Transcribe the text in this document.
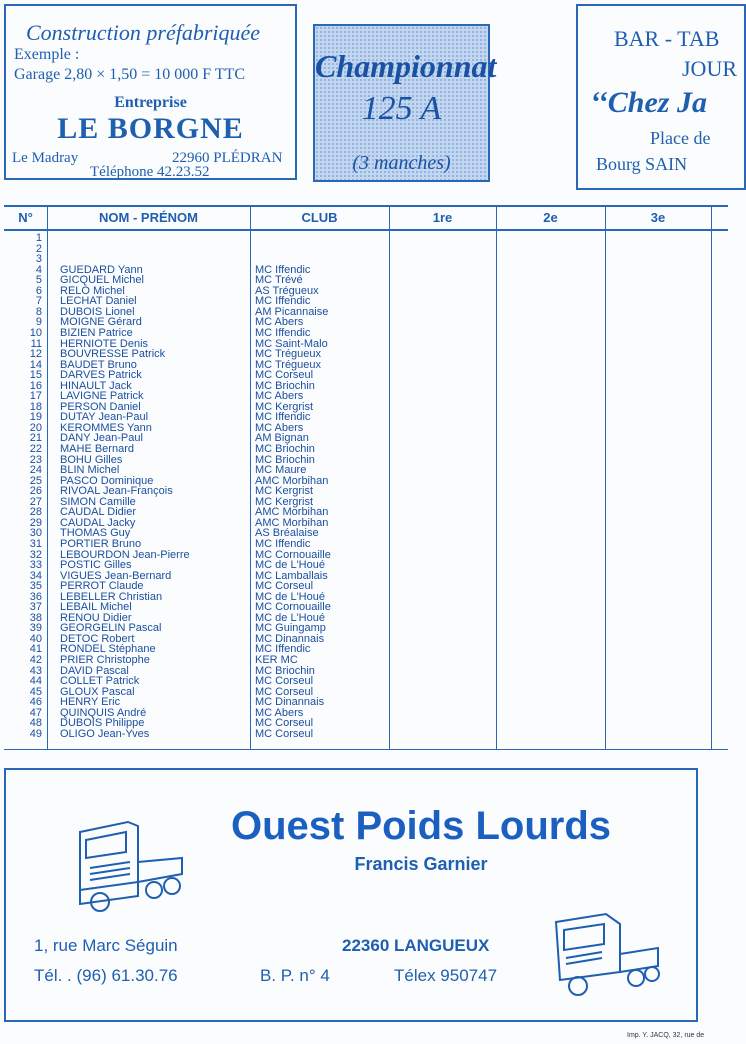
Construction préfabriquée
Exemple :
Garage 2,80 × 1,50 = 10 000 F TTC
Entreprise
LE BORGNE
Le Madray	22960 PLÉDRAN
Téléphone 42.23.52
Championnat
125 A
(3 manches)
BAR - TAB
JOUR
‘‘Chez Ja
Place de
Bourg SAIN
N°	NOM - PRÉNOM	CLUB	1re	2e	3e
1
2
3
4 GUEDARD Yann	MC Iffendic
5 GICQUEL Michel	MC Trévé
6 RELO Michel	AS Trégueux
7 LECHAT Daniel	MC Iffendic
8 DUBOIS Lionel	AM Picannaise
9 MOIGNE Gérard	MC Abers
10 BIZIEN Patrice	MC Iffendic
11 HERNIOTE Denis	MC Saint-Malo
12 BOUVRESSE Patrick	MC Trégueux
14 BAUDET Bruno	MC Trégueux
15 DARVES Patrick	MC Corseul
16 HINAULT Jack	MC Briochin
17 LAVIGNE Patrick	MC Abers
18 PERSON Daniel	MC Kergrist
19 DUTAY Jean-Paul	MC Iffendic
20 KEROMMES Yann	MC Abers
21 DANY Jean-Paul	AM Bignan
22 MAHE Bernard	MC Briochin
23 BOHU Gilles	MC Briochin
24 BLIN Michel	MC Maure
25 PASCO Dominique	AMC Morbihan
26 RIVOAL Jean-François	MC Kergrist
27 SIMON Camille	MC Kergrist
28 CAUDAL Didier	AMC Morbihan
29 CAUDAL Jacky	AMC Morbihan
30 THOMAS Guy	AS Bréalaise
31 PORTIER Bruno	MC Iffendic
32 LEBOURDON Jean-Pierre	MC Cornouaille
33 POSTIC Gilles	MC de L'Houé
34 VIGUES Jean-Bernard	MC Lamballais
35 PERROT Claude	MC Corseul
36 LEBELLER Christian	MC de L'Houé
37 LEBAIL Michel	MC Cornouaille
38 RENOU Didier	MC de L'Houé
39 GEORGELIN Pascal	MC Guingamp
40 DETOC Robert	MC Dinannais
41 RONDEL Stéphane	MC Iffendic
42 PRIER Christophe	KER MC
43 DAVID Pascal	MC Briochin
44 COLLET Patrick	MC Corseul
45 GLOUX Pascal	MC Corseul
46 HENRY Eric	MC Dinannais
47 QUINQUIS André	MC Abers
48 DUBOIS Philippe	MC Corseul
49 OLIGO Jean-Yves	MC Corseul
Ouest Poids Lourds
Francis Garnier
1, rue Marc Séguin
Tél. . (96) 61.30.76	B. P. n° 4
22360 LANGUEUX
Télex 950747
Imp. Y. JACQ, 32, rue de
